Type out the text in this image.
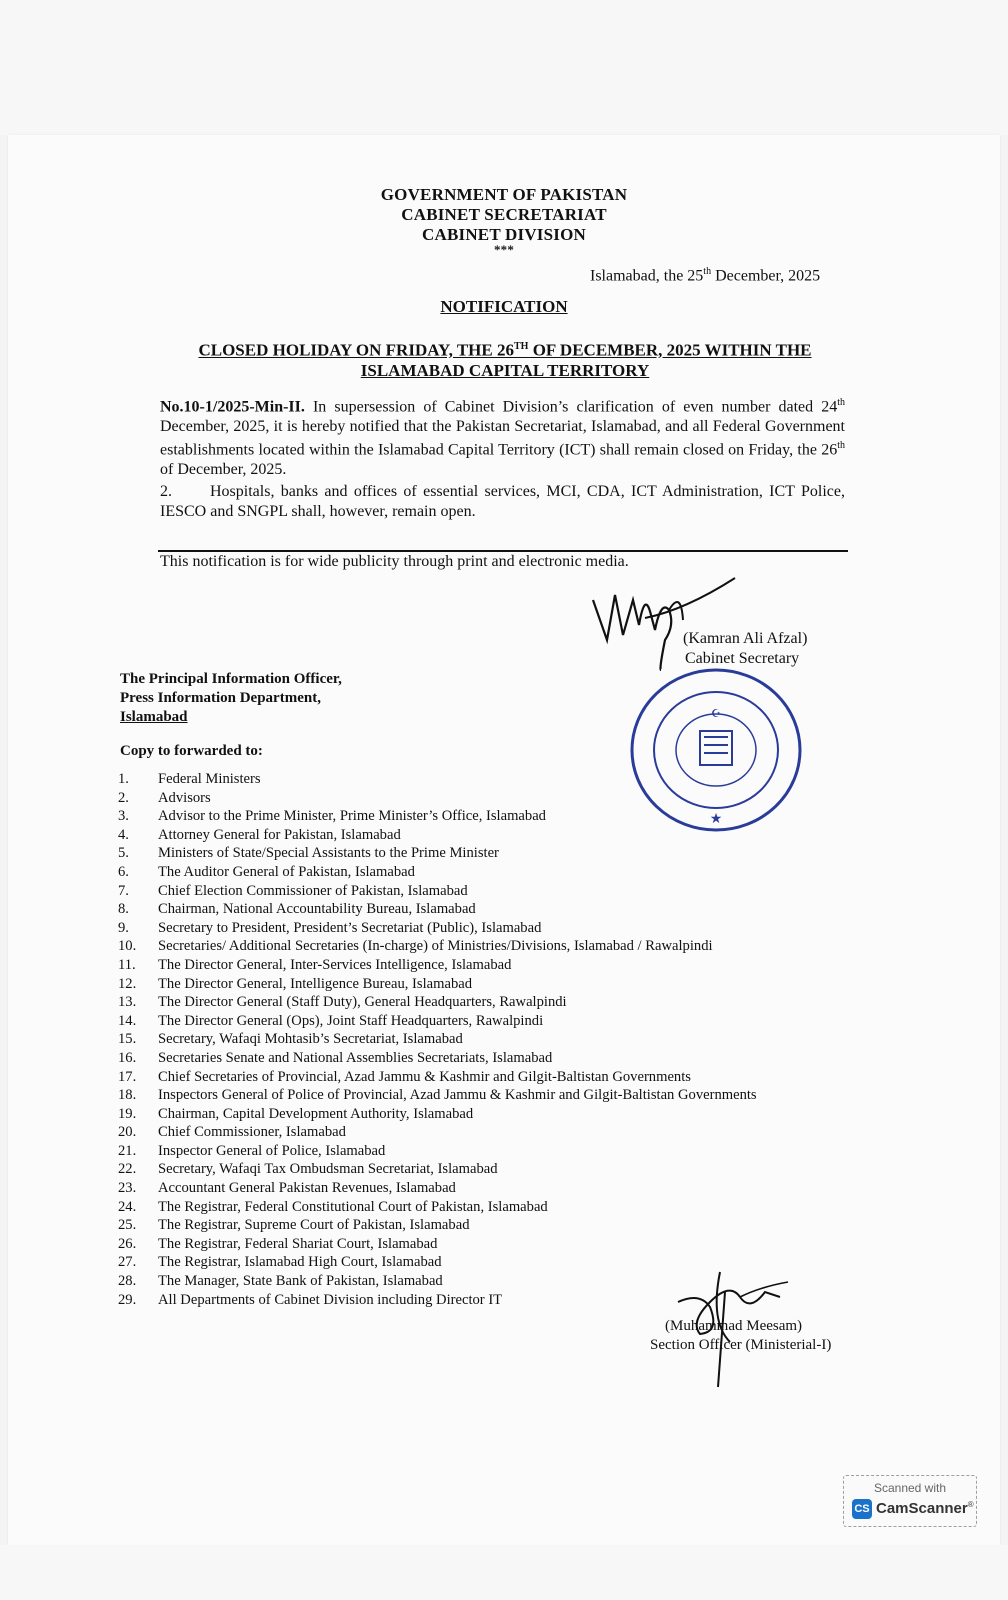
GOVERNMENT OF PAKISTAN
CABINET SECRETARIAT
CABINET DIVISION
***
Islamabad, the 25th December, 2025
NOTIFICATION
CLOSED HOLIDAY ON FRIDAY, THE 26TH OF DECEMBER, 2025 WITHIN THE ISLAMABAD CAPITAL TERRITORY
No.10-1/2025-Min-II. In supersession of Cabinet Division’s clarification of even number dated 24th December, 2025, it is hereby notified that the Pakistan Secretariat, Islamabad, and all Federal Government establishments located within the Islamabad Capital Territory (ICT) shall remain closed on Friday, the 26th of December, 2025.
2. Hospitals, banks and offices of essential services, MCI, CDA, ICT Administration, ICT Police, IESCO and SNGPL shall, however, remain open.
This notification is for wide publicity through print and electronic media.
(Kamran Ali Afzal)
Cabinet Secretary
★
☪
The Principal Information Officer,
Press Information Department,
Islamabad
Copy to forwarded to:
1.	Federal Ministers
2.	Advisors
3.	Advisor to the Prime Minister, Prime Minister’s Office, Islamabad
4.	Attorney General for Pakistan, Islamabad
5.	Ministers of State/Special Assistants to the Prime Minister
6.	The Auditor General of Pakistan, Islamabad
7.	Chief Election Commissioner of Pakistan, Islamabad
8.	Chairman, National Accountability Bureau, Islamabad
9.	Secretary to President, President’s Secretariat (Public), Islamabad
10.	Secretaries/ Additional Secretaries (In-charge) of Ministries/Divisions, Islamabad / Rawalpindi
11.	The Director General, Inter-Services Intelligence, Islamabad
12.	The Director General, Intelligence Bureau, Islamabad
13.	The Director General (Staff Duty), General Headquarters, Rawalpindi
14.	The Director General (Ops), Joint Staff Headquarters, Rawalpindi
15.	Secretary, Wafaqi Mohtasib’s Secretariat, Islamabad
16.	Secretaries Senate and National Assemblies Secretariats, Islamabad
17.	Chief Secretaries of Provincial, Azad Jammu & Kashmir and Gilgit-Baltistan Governments
18.	Inspectors General of Police of Provincial, Azad Jammu & Kashmir and Gilgit-Baltistan Governments
19.	Chairman, Capital Development Authority, Islamabad
20.	Chief Commissioner, Islamabad
21.	Inspector General of Police, Islamabad
22.	Secretary, Wafaqi Tax Ombudsman Secretariat, Islamabad
23.	Accountant General Pakistan Revenues, Islamabad
24.	The Registrar, Federal Constitutional Court of Pakistan, Islamabad
25.	The Registrar, Supreme Court of Pakistan, Islamabad
26.	The Registrar, Federal Shariat Court, Islamabad
27.	The Registrar, Islamabad High Court, Islamabad
28.	The Manager, State Bank of Pakistan, Islamabad
29.	All Departments of Cabinet Division including Director IT
(Muhammad Meesam)
Section Officer (Ministerial-I)
Scanned with
CS CamScanner®
